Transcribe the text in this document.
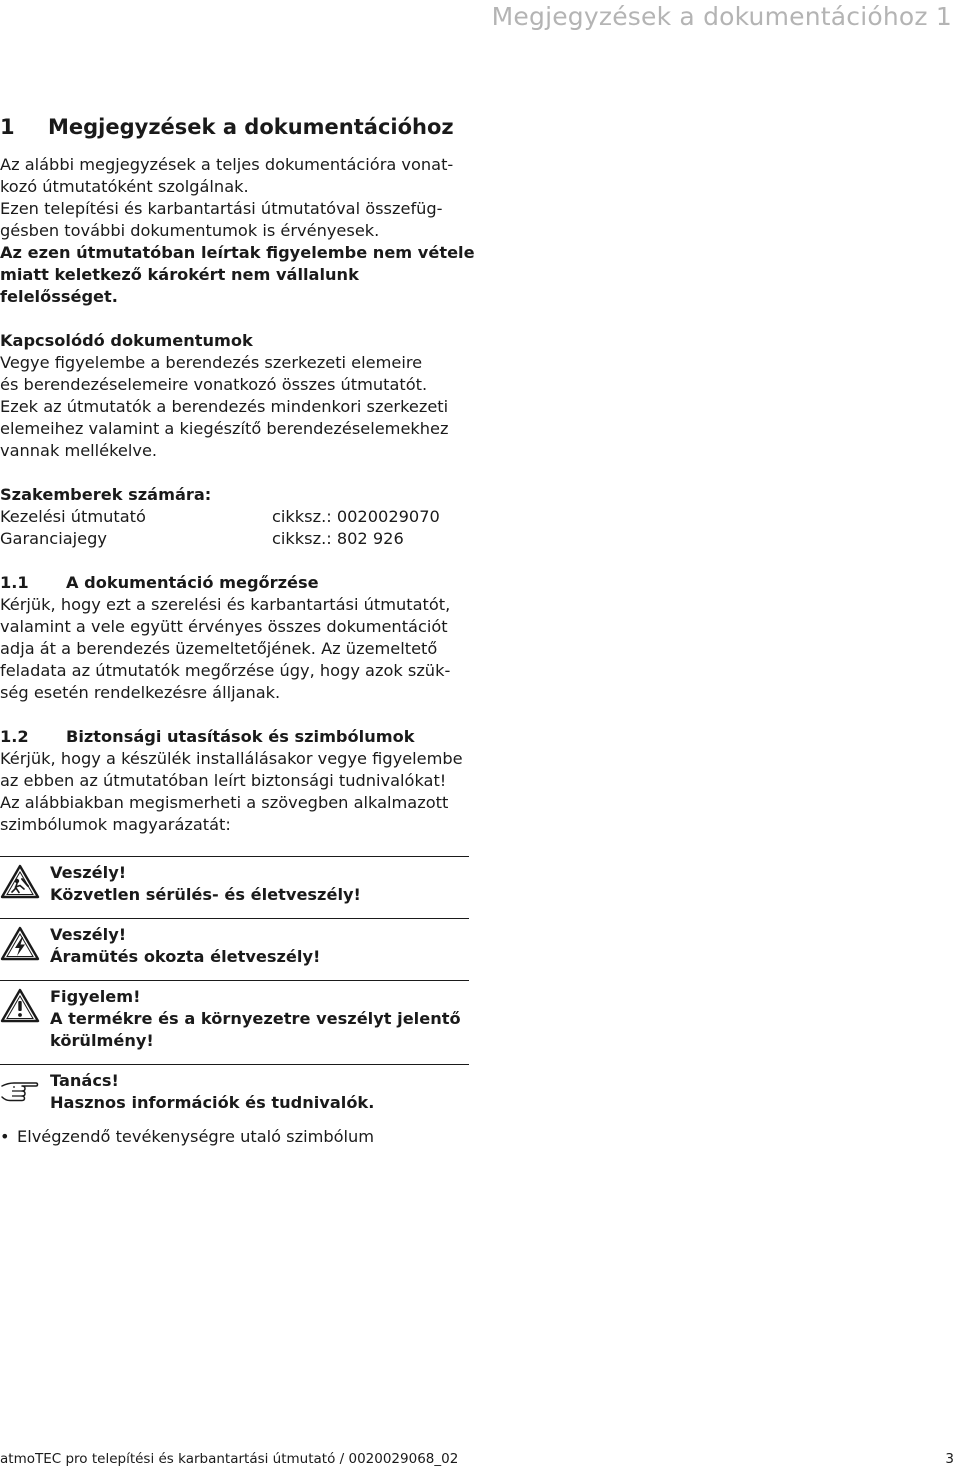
Megjegyzések a dokumentációhoz 1
1 Megjegyzések a dokumentációhoz

Az alábbi megjegyzések a teljes dokumentációra vonat-

kozó útmutatóként szolgálnak.

Ezen telepítési és karbantartási útmutatóval összefüg-

gésben további dokumentumok is érvényesek.

Az ezen útmutatóban leírtak figyelembe nem vétele

miatt keletkező károkért nem vállalunk felelősséget.

Kapcsolódó dokumentumok

Vegye figyelembe a berendezés szerkezeti elemeire

és berendezéselemeire vonatkozó összes útmutatót.

Ezek az útmutatók a berendezés mindenkori szerkezeti

elemeihez valamint a kiegészítő berendezéselemekhez

vannak mellékelve.

Szakemberek számára:

Kezelési útmutató	cikksz.: 0020029070
Garanciajegy	cikksz.: 802 926

1.1 A dokumentáció megőrzése

Kérjük, hogy ezt a szerelési és karbantartási útmutatót,

valamint a vele együtt érvényes összes dokumentációt

adja át a berendezés üzemeltetőjének. Az üzemeltető

feladata az útmutatók megőrzése úgy, hogy azok szük-

ség esetén rendelkezésre álljanak.

1.2 Biztonsági utasítások és szimbólumok

Kérjük, hogy a készülék installálásakor vegye figyelembe

az ebben az útmutatóban leírt biztonsági tudnivalókat!

Az alábbiakban megismerheti a szövegben alkalmazott

szimbólumok magyarázatát:

Veszély!
Közvetlen sérülés- és életveszély!
Veszély!
Áramütés okozta életveszély!
Figyelem!
A termékre és a környezetre veszélyt jelentő
körülmény!
Tanács!
Hasznos információk és tudnivalók.
• Elvégzendő tevékenységre utaló szimbólum
atmoTEC pro telepítési és karbantartási útmutató / 0020029068_02	3
